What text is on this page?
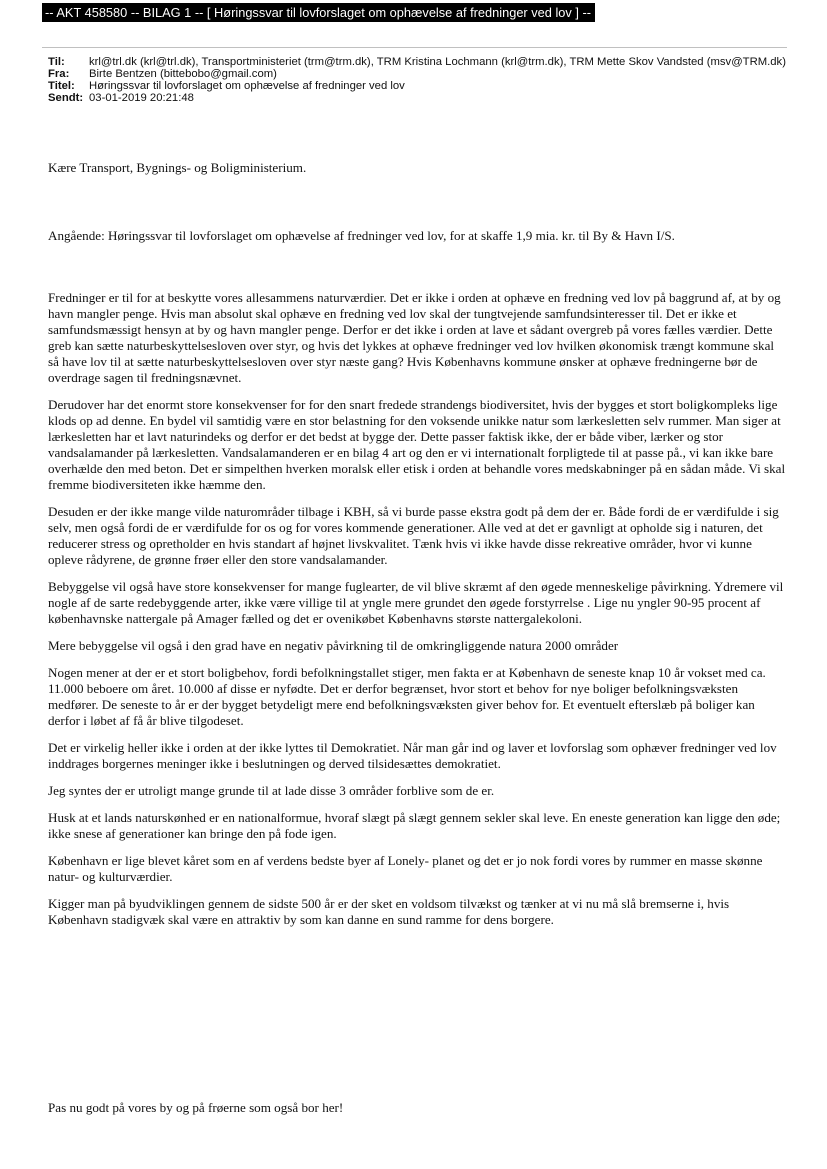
-- AKT 458580 -- BILAG 1 -- [ Høringssvar til lovforslaget om ophævelse af fredninger ved lov ] --
Til:	krl@trl.dk (krl@trl.dk), Transportministeriet (trm@trm.dk), TRM Kristina Lochmann (krl@trm.dk), TRM Mette Skov Vandsted (msv@TRM.dk)
Fra:	Birte Bentzen (bittebobo@gmail.com)
Titel:	Høringssvar til lovforslaget om ophævelse af fredninger ved lov
Sendt: 03-01-2019 20:21:48

Kære Transport, Bygnings- og Boligministerium.

Angående: Høringssvar til lovforslaget om ophævelse af fredninger ved lov, for at skaffe 1,9 mia. kr. til By & Havn I/S.

Fredninger er til for at beskytte vores allesammens naturværdier. Det er ikke i orden at ophæve en fredning ved lov på baggrund af, at by og havn mangler penge. Hvis man absolut skal ophæve en fredning ved lov skal der tungtvejende samfundsinteresser til. Det er ikke et samfundsmæssigt hensyn at by og havn mangler penge. Derfor er det ikke i orden at lave et sådant overgreb på vores fælles værdier. Dette greb kan sætte naturbeskyttelsesloven over styr, og hvis det lykkes at ophæve fredninger ved lov hvilken økonomisk trængt kommune skal så have lov til at sætte naturbeskyttelsesloven over styr næste gang? Hvis Københavns kommune ønsker at ophæve fredningerne bør de overdrage sagen til fredningsnævnet.

Derudover har det enormt store konsekvenser for for den snart fredede strandengs biodiversitet, hvis der bygges et stort boligkompleks lige klods op ad denne. En bydel vil samtidig være en stor belastning for den voksende unikke natur som lærkesletten selv rummer. Man siger at lærkesletten har et lavt naturindeks og derfor er det bedst at bygge der. Dette passer faktisk ikke, der er både viber, lærker og stor vandsalamander på lærkesletten. Vandsalamanderen er en bilag 4 art og den er vi internationalt forpligtede til at passe på., vi kan ikke bare overhælde den med beton. Det er simpelthen hverken moralsk eller etisk i orden at behandle vores medskabninger på en sådan måde. Vi skal fremme biodiversiteten ikke hæmme den.

Desuden er der ikke mange vilde naturområder tilbage i KBH, så vi burde passe ekstra godt på dem der er. Både fordi de er værdifulde i sig selv, men også fordi de er værdifulde for os og for vores kommende generationer. Alle ved at det er gavnligt at opholde sig i naturen, det reducerer stress og opretholder en hvis standart af højnet livskvalitet. Tænk hvis vi ikke havde disse rekreative områder, hvor vi kunne opleve rådyrene, de grønne frøer eller den store vandsalamander.

Bebyggelse vil også have store konsekvenser for mange fuglearter, de vil blive skræmt af den øgede menneskelige påvirkning. Ydremere vil nogle af de sarte redebyggende arter, ikke være villige til at yngle mere grundet den øgede forstyrrelse . Lige nu yngler 90-95 procent af københavnske nattergale på Amager fælled og det er ovenikøbet Københavns største nattergalekoloni.

Mere bebyggelse vil også i den grad have en negativ påvirkning til de omkringliggende natura 2000 områder

Nogen mener at der er et stort boligbehov, fordi befolkningstallet stiger, men fakta er at København de seneste knap 10 år vokset med ca. 11.000 beboere om året. 10.000 af disse er nyfødte. Det er derfor begrænset, hvor stort et behov for nye boliger befolkningsvæksten medfører. De seneste to år er der bygget betydeligt mere end befolkningsvæksten giver behov for. Et eventuelt efterslæb på boliger kan derfor i løbet af få år blive tilgodeset.

Det er virkelig heller ikke i orden at der ikke lyttes til Demokratiet. Når man går ind og laver et lovforslag som ophæver fredninger ved lov inddrages borgernes meninger ikke i beslutningen og derved tilsidesættes demokratiet.

Jeg syntes der er utroligt mange grunde til at lade disse 3 områder forblive som de er.

Husk at et lands naturskønhed er en nationalformue, hvoraf slægt på slægt gennem sekler skal leve. En eneste generation kan ligge den øde; ikke snese af generationer kan bringe den på fode igen.

København er lige blevet kåret som en af verdens bedste byer af Lonely- planet og det er jo nok fordi vores by rummer en masse skønne natur- og kulturværdier.

Kigger man på byudviklingen gennem de sidste 500 år er der sket en voldsom tilvækst og tænker at vi nu må slå bremserne i, hvis København stadigvæk skal være en attraktiv by som kan danne en sund ramme for dens borgere.

Pas nu godt på vores by og på frøerne som også bor her!
